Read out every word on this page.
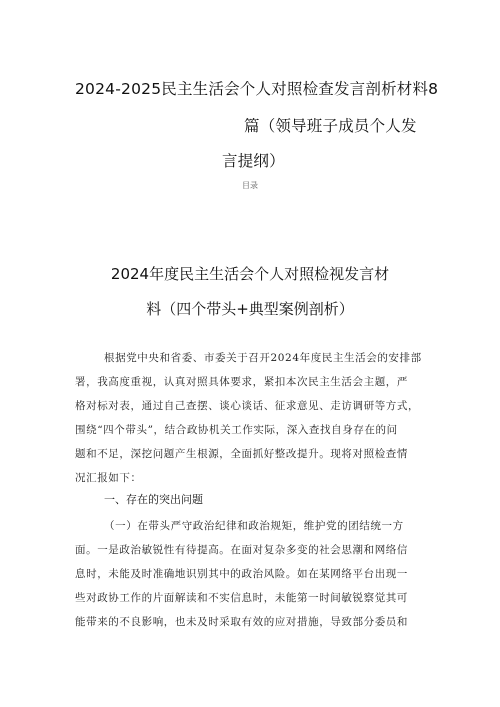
2024-2025民主生活会个人对照检查发言剖析材料8
篇（领导班子成员个人发
言提纲）
目录
2024年度民主生活会个人对照检视发言材
料（四个带头+典型案例剖析）
根据党中央和省委、市委关于召开2024年度民主生活会的安排部
署，我高度重视，认真对照具体要求，紧扣本次民主生活会主题，严
格对标对表，通过自己查摆、谈心谈话、征求意见、走访调研等方式，
围绕“四个带头”，结合政协机关工作实际，深入查找自身存在的问
题和不足，深挖问题产生根源，全面抓好整改提升。现将对照检查情
况汇报如下：
一、存在的突出问题
（一）在带头严守政治纪律和政治规矩，维护党的团结统一方
面。一是政治敏锐性有待提高。在面对复杂多变的社会思潮和网络信
息时，未能及时准确地识别其中的政治风险。如在某网络平台出现一
些对政协工作的片面解读和不实信息时，未能第一时间敏锐察觉其可
能带来的不良影响，也未及时采取有效的应对措施，导致部分委员和
